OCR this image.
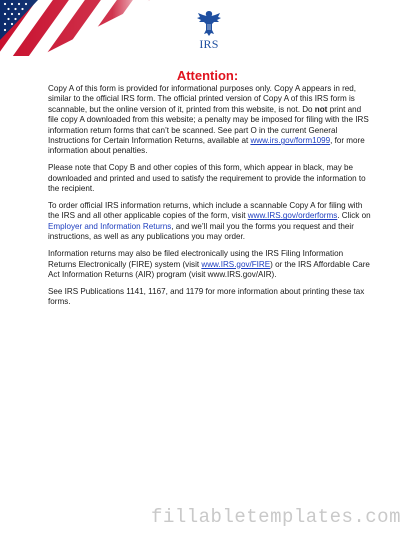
IRS
Attention:

Copy A of this form is provided for informational purposes only. Copy A appears in red, similar to the official IRS form. The official printed version of Copy A of this IRS form is scannable, but the online version of it, printed from this website, is not. Do not print and file copy A downloaded from this website; a penalty may be imposed for filing with the IRS information return forms that can’t be scanned. See part O in the current General Instructions for Certain Information Returns, available at www.irs.gov/form1099, for more information about penalties.

Please note that Copy B and other copies of this form, which appear in black, may be downloaded and printed and used to satisfy the requirement to provide the information to the recipient.

To order official IRS information returns, which include a scannable Copy A for filing with the IRS and all other applicable copies of the form, visit www.IRS.gov/orderforms. Click on Employer and Information Returns, and we’ll mail you the forms you request and their instructions, as well as any publications you may order.

Information returns may also be filed electronically using the IRS Filing Information Returns Electronically (FIRE) system (visit www.IRS.gov/FIRE) or the IRS Affordable Care Act Information Returns (AIR) program (visit www.IRS.gov/AIR).

See IRS Publications 1141, 1167, and 1179 for more information about printing these tax forms.

fillabletemplates.com
